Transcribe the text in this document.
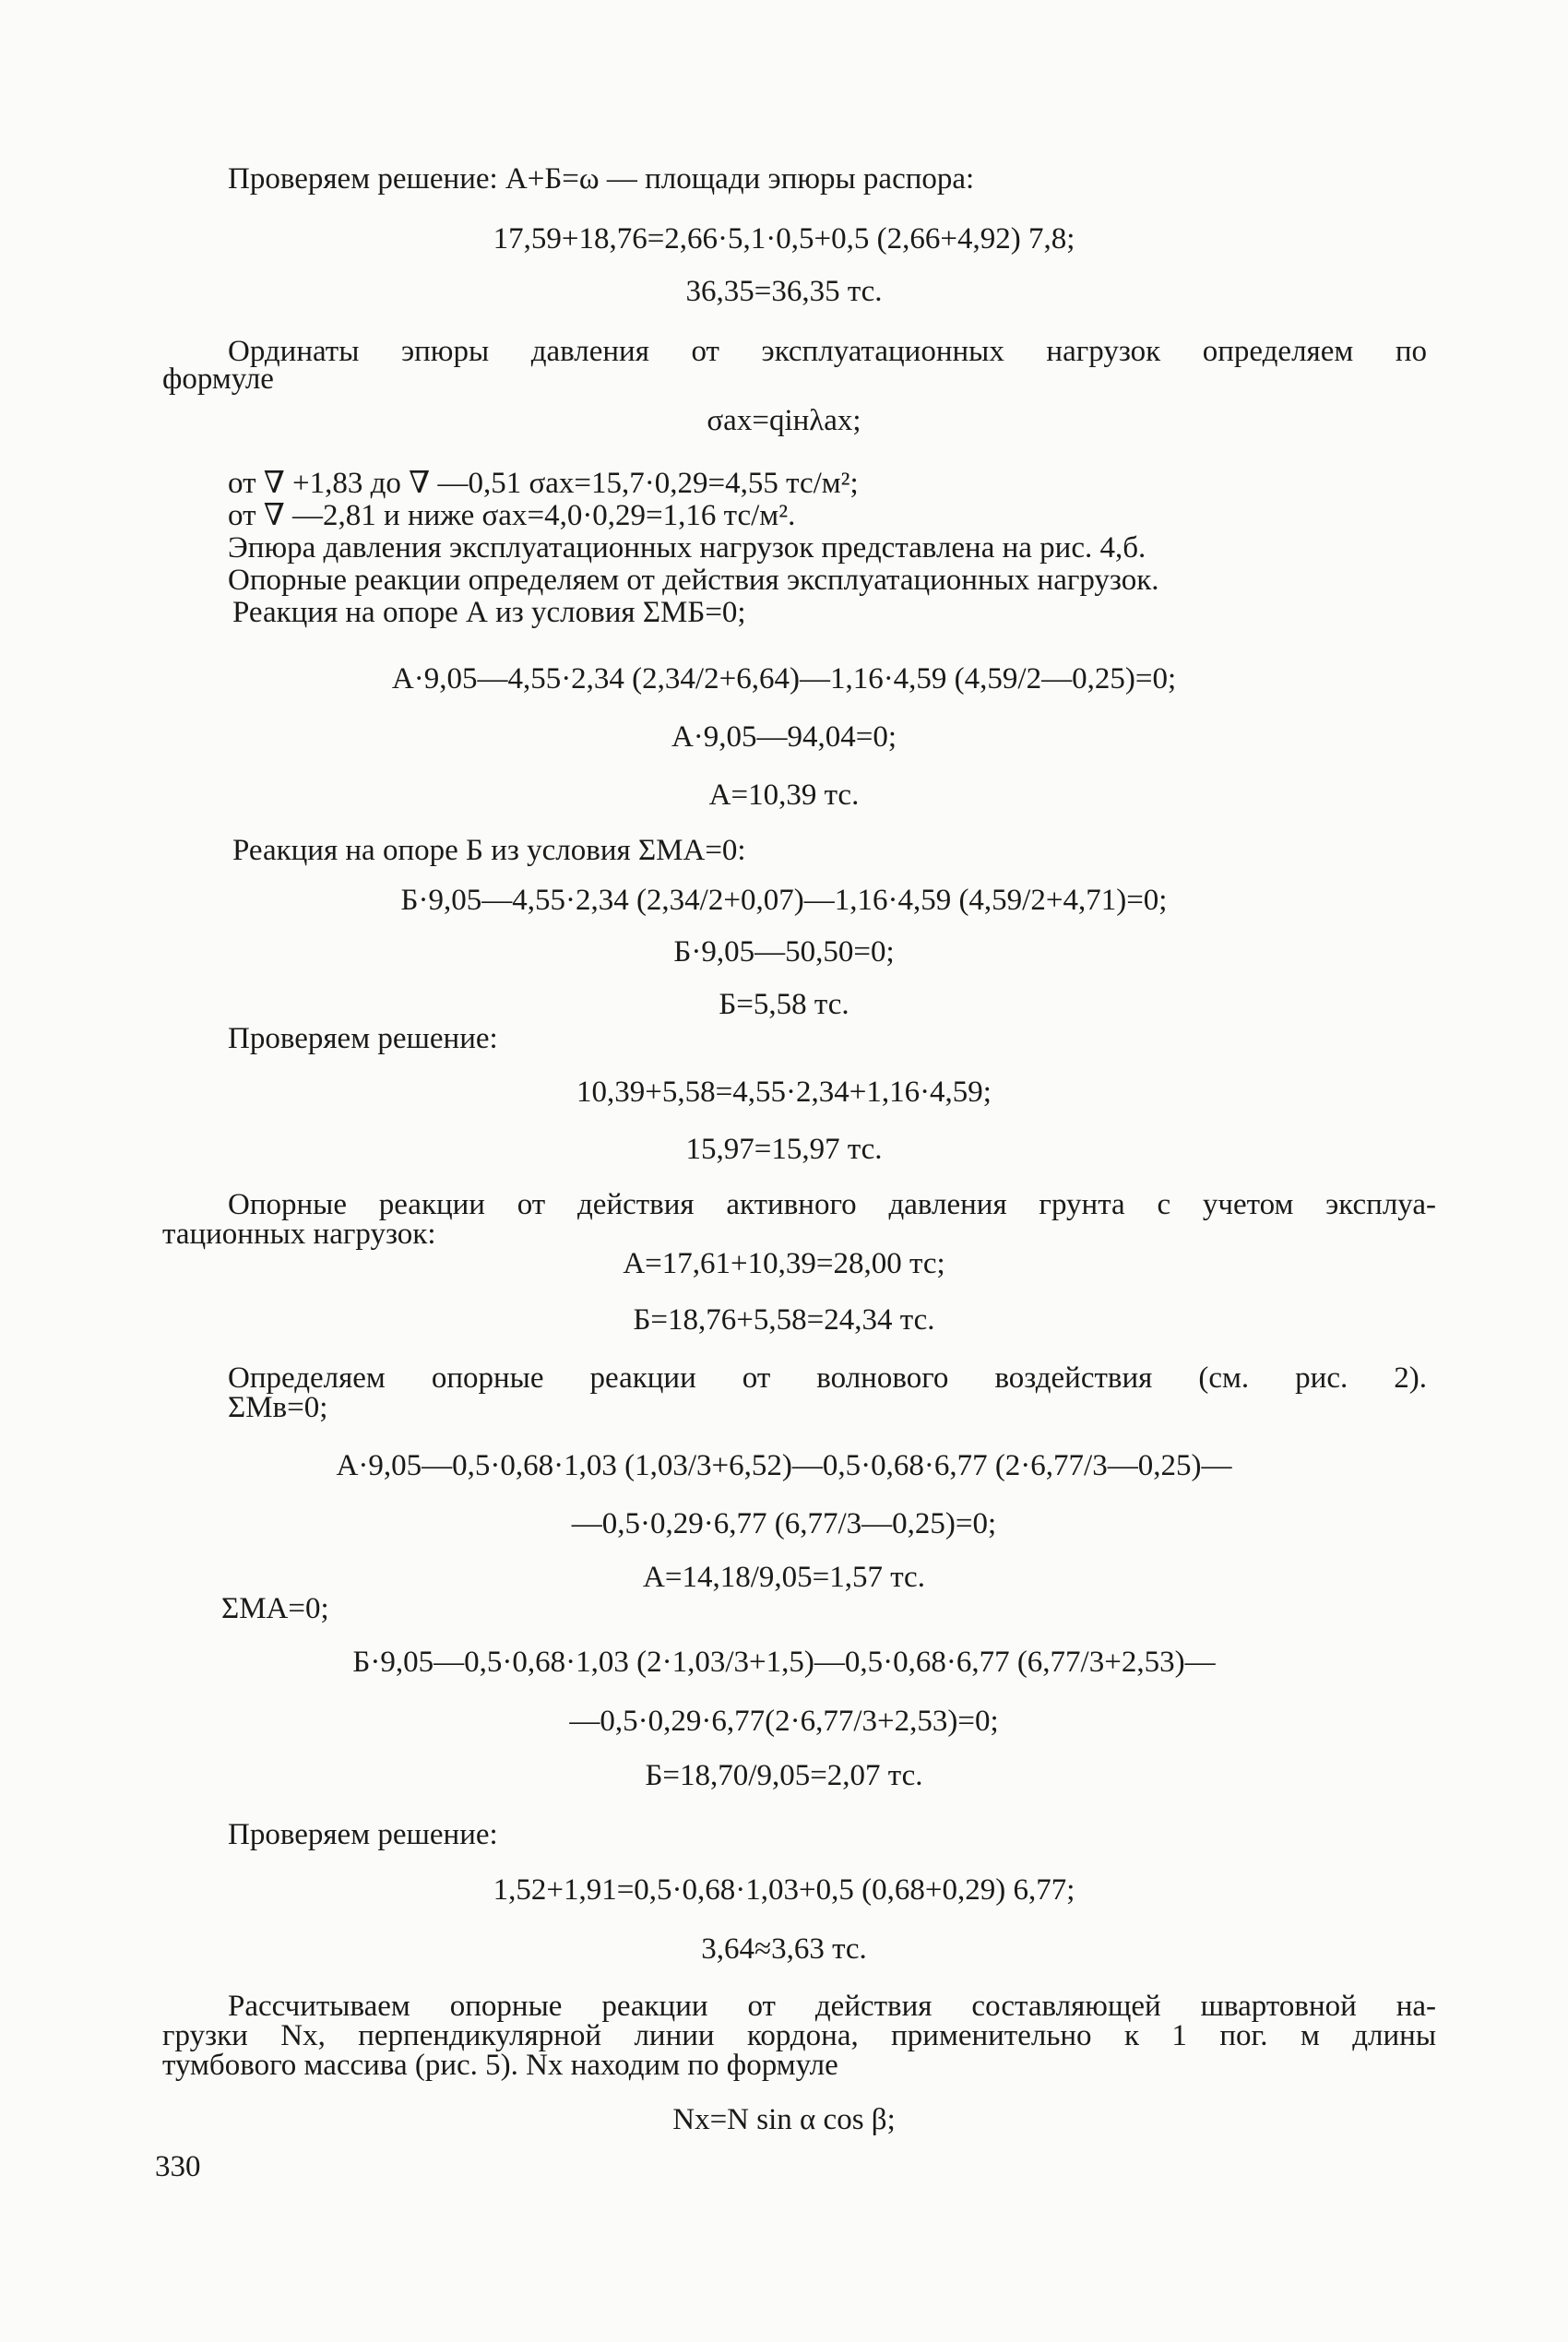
Проверяем решение: А+Б=ω — площади эпюры распора:
17,59+18,76=2,66·5,1·0,5+0,5 (2,66+4,92) 7,8;
36,35=36,35 тс.
Ординаты эпюры давления от эксплуатационных нагрузок определяем по
формуле
σax=qiнλax;
от ∇ +1,83 до ∇ —0,51 σax=15,7·0,29=4,55 тс/м²;
от ∇ —2,81 и ниже σax=4,0·0,29=1,16 тс/м².
Эпюра давления эксплуатационных нагрузок представлена на рис. 4,б.
Опорные реакции определяем от действия эксплуатационных нагрузок.
Реакция на опоре А из условия ΣMБ=0;
А·9,05—4,55·2,34 (2,34/2+6,64)—1,16·4,59 (4,59/2—0,25)=0;
А·9,05—94,04=0;
А=10,39 тс.
Реакция на опоре Б из условия ΣMА=0:
Б·9,05—4,55·2,34 (2,34/2+0,07)—1,16·4,59 (4,59/2+4,71)=0;
Б·9,05—50,50=0;
Б=5,58 тс.
Проверяем решение:
10,39+5,58=4,55·2,34+1,16·4,59;
15,97=15,97 тс.
Опорные реакции от действия активного давления грунта с учетом эксплуа-
тационных нагрузок:
А=17,61+10,39=28,00 тс;
Б=18,76+5,58=24,34 тс.
Определяем опорные реакции от волнового воздействия (см. рис. 2).
ΣMв=0;
А·9,05—0,5·0,68·1,03 (1,03/3+6,52)—0,5·0,68·6,77 (2·6,77/3—0,25)—
—0,5·0,29·6,77 (6,77/3—0,25)=0;
А=14,18/9,05=1,57 тс.
ΣMА=0;
Б·9,05—0,5·0,68·1,03 (2·1,03/3+1,5)—0,5·0,68·6,77 (6,77/3+2,53)—
—0,5·0,29·6,77(2·6,77/3+2,53)=0;
Б=18,70/9,05=2,07 тс.
Проверяем решение:
1,52+1,91=0,5·0,68·1,03+0,5 (0,68+0,29) 6,77;
3,64≈3,63 тс.
Рассчитываем опорные реакции от действия составляющей швартовной на-
грузки Nx, перпендикулярной линии кордона, применительно к 1 пог. м длины
тумбового массива (рис. 5). Nx находим по формуле
Nx=N sin α cos β;
330
